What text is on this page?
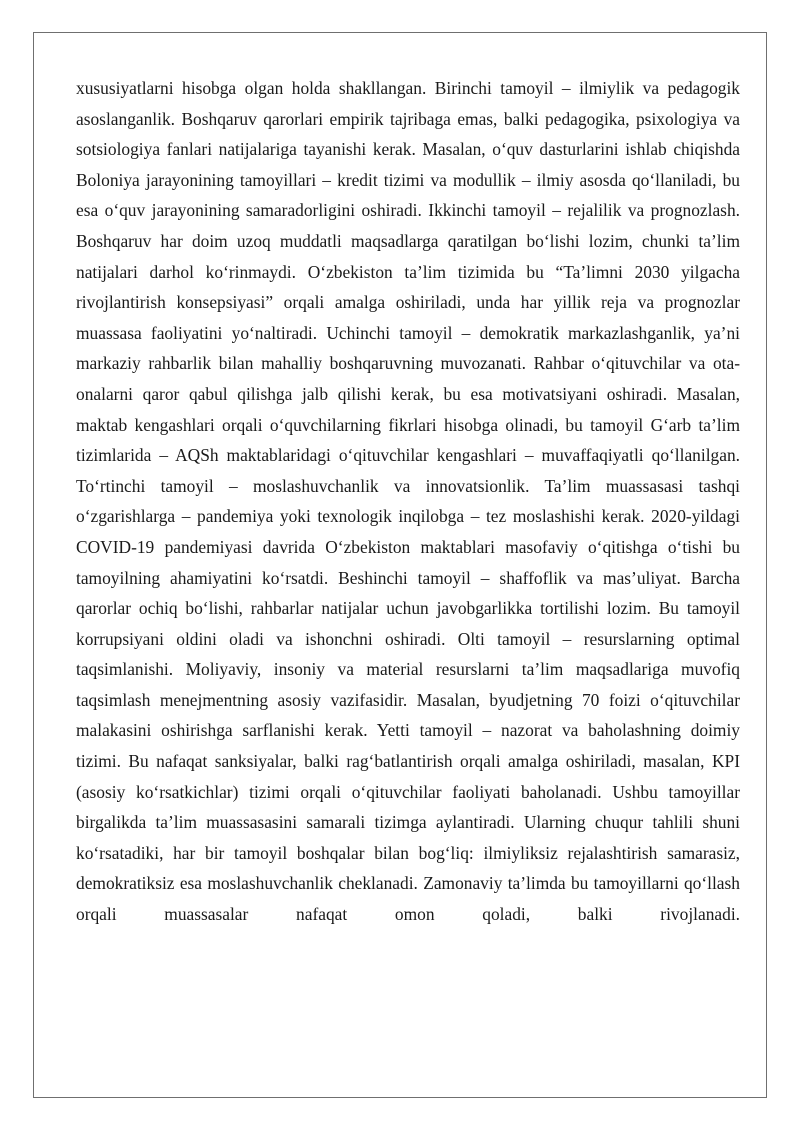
xususiyatlarni hisobga olgan holda shakllangan. Birinchi tamoyil – ilmiylik va pedagogik asoslanganlik. Boshqaruv qarorlari empirik tajribaga emas, balki pedagogika, psixologiya va sotsiologiya fanlari natijalariga tayanishi kerak. Masalan, o‘quv dasturlarini ishlab chiqishda Boloniya jarayonining tamoyillari – kredit tizimi va modullik – ilmiy asosda qo‘llaniladi, bu esa o‘quv jarayonining samaradorligini oshiradi. Ikkinchi tamoyil – rejalilik va prognozlash. Boshqaruv har doim uzoq muddatli maqsadlarga qaratilgan bo‘lishi lozim, chunki ta’lim natijalari darhol ko‘rinmaydi. O‘zbekiston ta’lim tizimida bu “Ta’limni 2030 yilgacha rivojlantirish konsepsiyasi” orqali amalga oshiriladi, unda har yillik reja va prognozlar muassasa faoliyatini yo‘naltiradi. Uchinchi tamoyil – demokratik markazlashganlik, ya’ni markaziy rahbarlik bilan mahalliy boshqaruvning muvozanati. Rahbar o‘qituvchilar va ota-onalarni qaror qabul qilishga jalb qilishi kerak, bu esa motivatsiyani oshiradi. Masalan, maktab kengashlari orqali o‘quvchilarning fikrlari hisobga olinadi, bu tamoyil G‘arb ta’lim tizimlarida – AQSh maktablaridagi o‘qituvchilar kengashlari – muvaffaqiyatli qo‘llanilgan. To‘rtinchi tamoyil – moslashuvchanlik va innovatsionlik. Ta’lim muassasasi tashqi o‘zgarishlarga – pandemiya yoki texnologik inqilobga – tez moslashishi kerak. 2020-yildagi COVID-19 pandemiyasi davrida O‘zbekiston maktablari masofaviy o‘qitishga o‘tishi bu tamoyilning ahamiyatini ko‘rsatdi. Beshinchi tamoyil – shaffoflik va mas’uliyat. Barcha qarorlar ochiq bo‘lishi, rahbarlar natijalar uchun javobgarlikka tortilishi lozim. Bu tamoyil korrupsiyani oldini oladi va ishonchni oshiradi. Olti tamoyil – resurslarning optimal taqsimlanishi. Moliyaviy, insoniy va material resurslarni ta’lim maqsadlariga muvofiq taqsimlash menejmentning asosiy vazifasidir. Masalan, byudjetning 70 foizi o‘qituvchilar malakasini oshirishga sarflanishi kerak. Yetti tamoyil – nazorat va baholashning doimiy tizimi. Bu nafaqat sanksiyalar, balki rag‘batlantirish orqali amalga oshiriladi, masalan, KPI (asosiy ko‘rsatkichlar) tizimi orqali o‘qituvchilar faoliyati baholanadi. Ushbu tamoyillar birgalikda ta’lim muassasasini samarali tizimga aylantiradi. Ularning chuqur tahlili shuni ko‘rsatadiki, har bir tamoyil boshqalar bilan bog‘liq: ilmiyliksiz rejalashtirish samarasiz, demokratiksiz esa moslashuvchanlik cheklanadi. Zamonaviy ta’limda bu tamoyillarni qo‘llash orqali muassasalar nafaqat omon qoladi, balki rivojlanadi.
